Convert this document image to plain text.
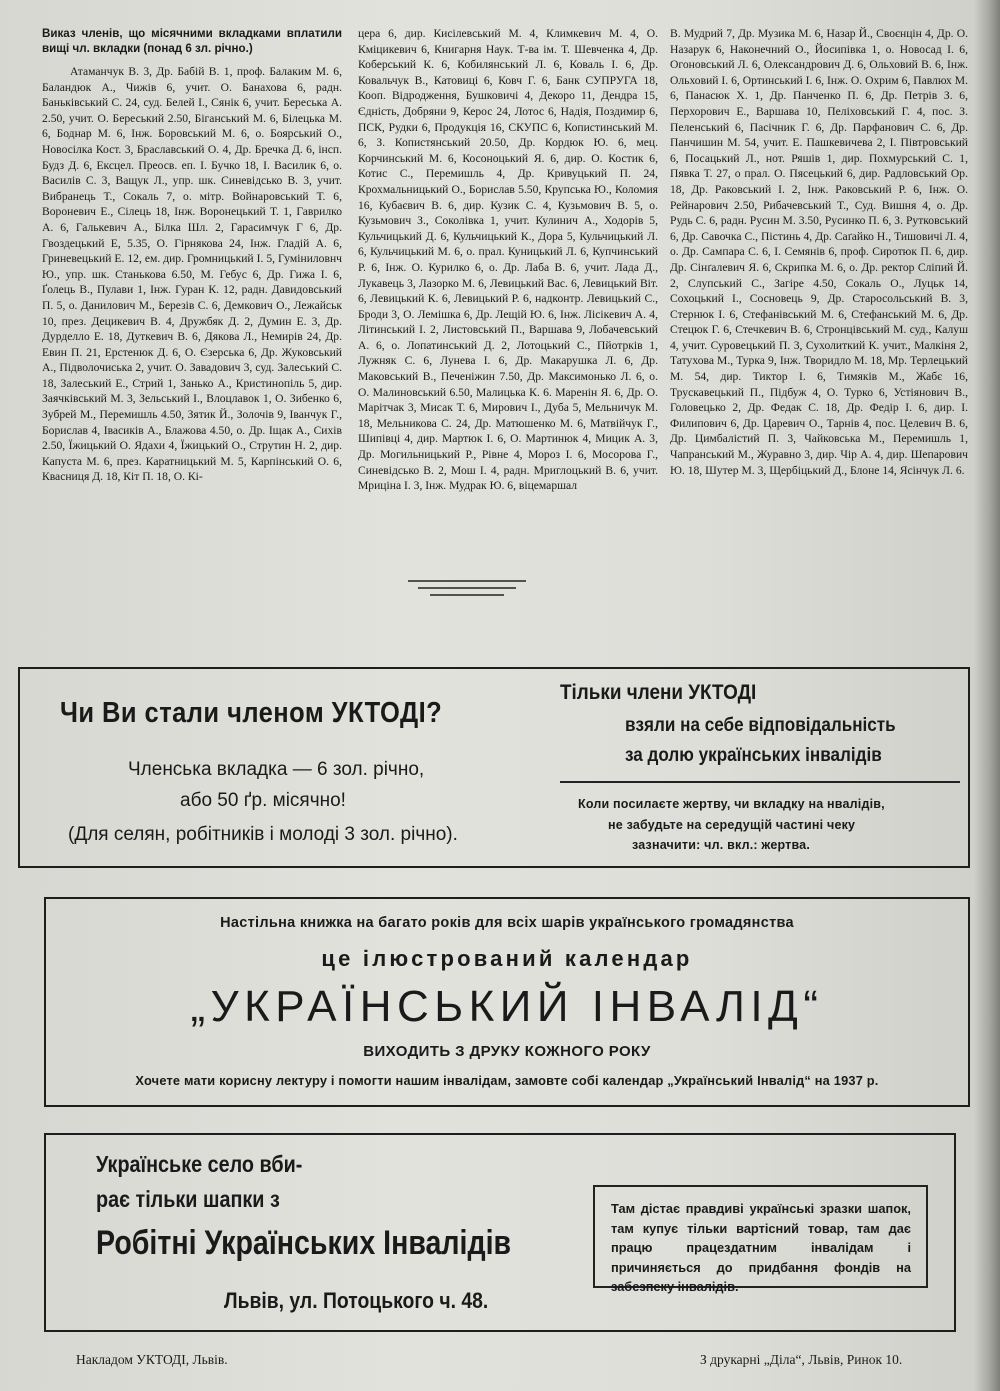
Виказ членів, що місячними вкладками вплатили вищі чл. вкладки (понад 6 зл. річно.)

Атаманчук В. 3, Др. Бабій В. 1, проф. Балаким М. 6, Баландюк А., Чижів 6, учит. О. Банахова 6, радн. Баньківський С. 24, суд. Белей І., Сянік 6, учит. Береська А. 2.50, учит. О. Береський 2.50, Біганський М. 6, Білецька М. 6, Боднар М. 6, Інж. Боровський М. 6, о. Боярський О., Новосілка Кост. 3, Браславський О. 4, Др. Бречка Д. 6, інсп. Будз Д. 6, Ексцел. Преосв. еп. І. Бучко 18, І. Василик 6, о. Василів С. 3, Ващук Л., упр. шк. Синевідсько В. 3, учит. Вибранець Т., Сокаль 7, о. мітр. Войнаровський Т. 6, Вороневич Е., Сілець 18, Інж. Воронецький Т. 1, Гаврилко А. 6, Галькевич А., Білка Шл. 2, Гарасимчук Г 6, Др. Гвоздецький Е, 5.35, О. Гірнякова 24, Інж. Гладій А. 6, Гриневецький Е. 12, ем. дир. Громницький І. 5, Гуміниловнч Ю., упр. шк. Станькова 6.50, М. Гебус 6, Др. Гижа І. 6, Ґолець В., Пулави 1, Інж. Гуран К. 12, радн. Давидовський П. 5, о. Данилович М., Березів С. 6, Демкович О., Лежайськ 10, през. Децикевич В. 4, Дружбяк Д. 2, Думин Е. 3, Др. Дурделло Е. 18, Дуткевич В. 6, Дякова Л., Немирів 24, Др. Евин П. 21, Ерстенюк Д. 6, О. Єзерська 6, Др. Жуковський А., Підволочиська 2, учит. О. Завадович 3, суд. Залеський С. 18, Залеський Е., Стрий 1, Занько А., Кристинопіль 5, дир. Заячківський М. 3, Зельський І., Влоцлавок 1, О. Зибенко 6, Зубрей М., Перемишль 4.50, Зятик Й., Золочів 9, Іванчук Г., Борислав 4, Івасиків А., Блажова 4.50, о. Др. Іщак А., Сихів 2.50, Їжицький О. Ядахи 4, Їжицький О., Струтин Н. 2, дир. Капуста М. 6, през. Каратницький М. 5, Карпінський О. 6, Квасниця Д. 18, Кіт П. 18, О. Кі-

цера 6, дир. Кисілевський М. 4, Климкевич М. 4, О. Кміцикевич 6, Книгарня Наук. Т-ва ім. Т. Шевченка 4, Др. Коберський К. 6, Кобилянський Л. 6, Коваль І. 6, Др. Ковальчук В., Катовиці 6, Ковч Г. 6, Банк СУПРУГА 18, Кооп. Відродження, Бушковичі 4, Декоро 11, Дендра 15, Єдність, Добряни 9, Керос 24, Лотос 6, Надія, Поздимир 6, ПСК, Рудки 6, Продукція 16, СКУПС 6, Копистинський М. 6, З. Копистянський 20.50, Др. Кордюк Ю. 6, мец. Корчинський М. 6, Косоноцький Я. 6, дир. О. Костик 6, Котис С., Перемишль 4, Др. Кривуцький П. 24, Крохмальницький О., Борислав 5.50, Крупська Ю., Коломия 16, Кубаєвич В. 6, дир. Кузик С. 4, Кузьмович В. 5, о. Кузьмович З., Соколівка 1, учит. Кулинич А., Ходорів 5, Кульчицький Д. 6, Кульчицький К., Дора 5, Кульчицький Л. 6, Кульчицький М. 6, о. прал. Куницький Л. 6, Купчинський Р. 6, Інж. О. Курилко 6, о. Др. Лаба В. 6, учит. Лада Д., Лукавець 3, Лазорко М. 6, Левицький Вас. 6, Левицький Віт. 6, Левицький К. 6, Левицький Р. 6, надконтр. Левицький С., Броди 3, О. Лемішка 6, Др. Лещій Ю. 6, Інж. Лісікевич А. 4, Літинський І. 2, Листовський П., Варшава 9, Лобачевський А. 6, о. Лопатинський Д. 2, Лотоцький С., Пйотрків 1, Лужняк С. 6, Лунева І. 6, Др. Макарушка Л. 6, Др. Маковський В., Печеніжин 7.50, Др. Максимонько Л. 6, о. О. Малиновський 6.50, Малицька К. 6. Маренін Я. 6, Др. О. Марітчак 3, Мисак Т. 6, Мирович І., Дуба 5, Мельничук М. 18, Мельникова С. 24, Др. Матюшенко М. 6, Матвійчук Г., Шипівці 4, дир. Мартюк І. 6, О. Мартинюк 4, Мицик А. 3, Др. Могильницький Р., Рівне 4, Мороз І. 6, Мосорова Г., Синевідсько В. 2, Мош І. 4, радн. Мриглоцький В. 6, учит. Мриціна І. 3, Інж. Мудрак Ю. 6, віцемаршал

В. Мудрий 7, Др. Музика М. 6, Назар Й., Своєнцін 4, Др. О. Назарук 6, Наконечний О., Йосипівка 1, о. Новосад І. 6, Огоновський Л. 6, Олександрович Д. 6, Ольховий В. 6, Інж. Ольховий І. 6, Ортинський І. 6, Інж. О. Охрим 6, Павлюх М. 6, Панасюк Х. 1, Др. Панченко П. 6, Др. Петрів З. 6, Перхорович Е., Варшава 10, Пеліховський Г. 4, пос. З. Пеленський 6, Пасічник Г. 6, Др. Парфанович С. 6, Др. Панчишин М. 54, учит. Е. Пашкевичева 2, І. Півтровський 6, Посацький Л., нот. Ряшів 1, дир. Похмурський С. 1, Пявка Т. 27, о прал. О. Пясецький 6, дир. Радловський Ор. 18, Др. Раковський І. 2, Інж. Раковський Р. 6, Інж. О. Рейнарович 2.50, Рибачевський Т., Суд. Вишня 4, о. Др. Рудь С. 6, радн. Русин М. 3.50, Русинко П. 6, З. Рутковський 6, Др. Савочка С., Пістинь 4, Др. Саґайко Н., Тишовичі Л. 4, о. Др. Сампара С. 6, І. Семянів 6, проф. Сиротюк П. 6, дир. Др. Сінґалевич Я. 6, Скрипка М. 6, о. Др. ректор Сліпий Й. 2, Слупський С., Загіре 4.50, Сокаль О., Луцьк 14, Сохоцький І., Сосновець 9, Др. Старосольський В. 3, Стернюк І. 6, Стефанівський М. 6, Стефанський М. 6, Др. Стецюк Г. 6, Стечкевич В. 6, Стронцівський М. суд., Калуш 4, учит. Суровецький П. 3, Сухолиткий К. учит., Малкіня 2, Татухова М., Турка 9, Інж. Творидло М. 18, Мр. Терлецький М. 54, дир. Тиктор І. 6, Тимяків М., Жабє 16, Трускавецький П., Підбуж 4, О. Турко 6, Устіянович В., Головецько 2, Др. Федак С. 18, Др. Федір І. 6, дир. І. Филипович 6, Др. Царевич О., Тарнів 4, пос. Целевич В. 6, Др. Цимбалістий П. 3, Чайковська М., Перемишль 1, Чапранський М., Журавно 3, дир. Чір А. 4, дир. Шепарович Ю. 18, Шутер М. 3, Щербіцький Д., Блоне 14, Ясінчук Л. 6.

Чи Ви стали членом УКТОДІ?
Членська вкладка — 6 зол. річно,
або 50 ґр. місячно!
(Для селян, робітників і молоді 3 зол. річно).
Тільки члени УКТОДІ
взяли на себе відповідальність
за долю українських інвалідів
Коли посилаєте жертву, чи вкладку на нвалідів,
не забудьте на середущій частині чеку
зазначити: чл. вкл.: жертва.
Настільна книжка на багато років для всіх шарів українського громадянства
це ілюстрований календар
„УКРАЇНСЬКИЙ ІНВАЛІД“
ВИХОДИТЬ З ДРУКУ КОЖНОГО РОКУ
Хочете мати корисну лектуру і помогти нашим інвалідам, замовте собі календар „Український Інвалід“ на 1937 р.
Українське село вби-
рає тільки шапки з
Робітні Українських Інвалідів
Львів, ул. Потоцького ч. 48.
Там дістає правдиві українські зразки шапок, там купує тільки вартісний товар, там дає працю працездатним інвалідам і причиняється до придбання фондів на забезпеку інвалідів.
Накладом УКТОДІ, Львів.	З друкарні „Діла“, Львів, Ринок 10.
